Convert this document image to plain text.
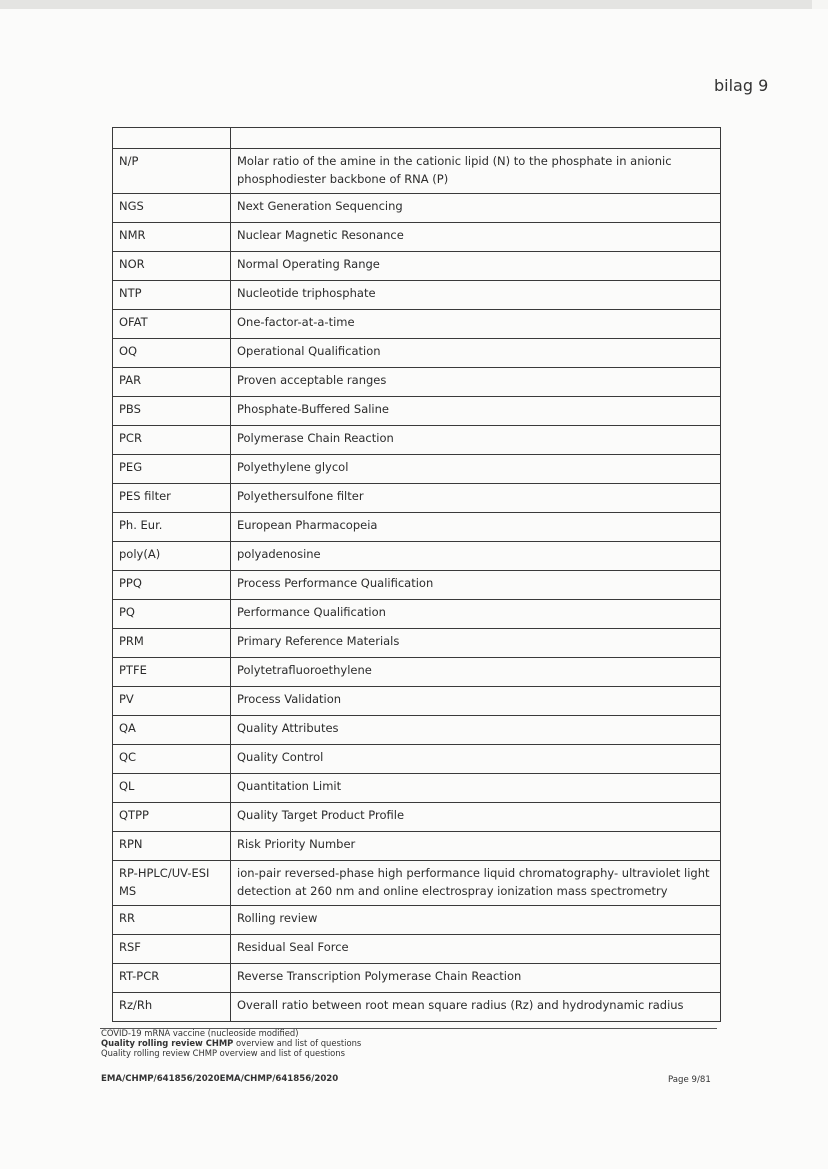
bilag 9

N/P	Molar ratio of the amine in the cationic lipid (N) to the phosphate in anionic phosphodiester backbone of RNA (P)
NGS	Next Generation Sequencing
NMR	Nuclear Magnetic Resonance
NOR	Normal Operating Range
NTP	Nucleotide triphosphate
OFAT	One-factor-at-a-time
OQ	Operational Qualification
PAR	Proven acceptable ranges
PBS	Phosphate-Buffered Saline
PCR	Polymerase Chain Reaction
PEG	Polyethylene glycol
PES filter	Polyethersulfone filter
Ph. Eur.	European Pharmacopeia
poly(A)	polyadenosine
PPQ	Process Performance Qualification
PQ	Performance Qualification
PRM	Primary Reference Materials
PTFE	Polytetrafluoroethylene
PV	Process Validation
QA	Quality Attributes
QC	Quality Control
QL	Quantitation Limit
QTPP	Quality Target Product Profile
RPN	Risk Priority Number
RP-HPLC/UV-ESI MS	ion-pair reversed-phase high performance liquid chromatography- ultraviolet light detection at 260 nm and online electrospray ionization mass spectrometry
RR	Rolling review
RSF	Residual Seal Force
RT-PCR	Reverse Transcription Polymerase Chain Reaction
Rz/Rh	Overall ratio between root mean square radius (Rz) and hydrodynamic radius
COVID-19 mRNA vaccine (nucleoside modified)
Quality rolling review CHMP overview and list of questions
Quality rolling review CHMP overview and list of questions
EMA/CHMP/641856/2020EMA/CHMP/641856/2020	Page 9/81
